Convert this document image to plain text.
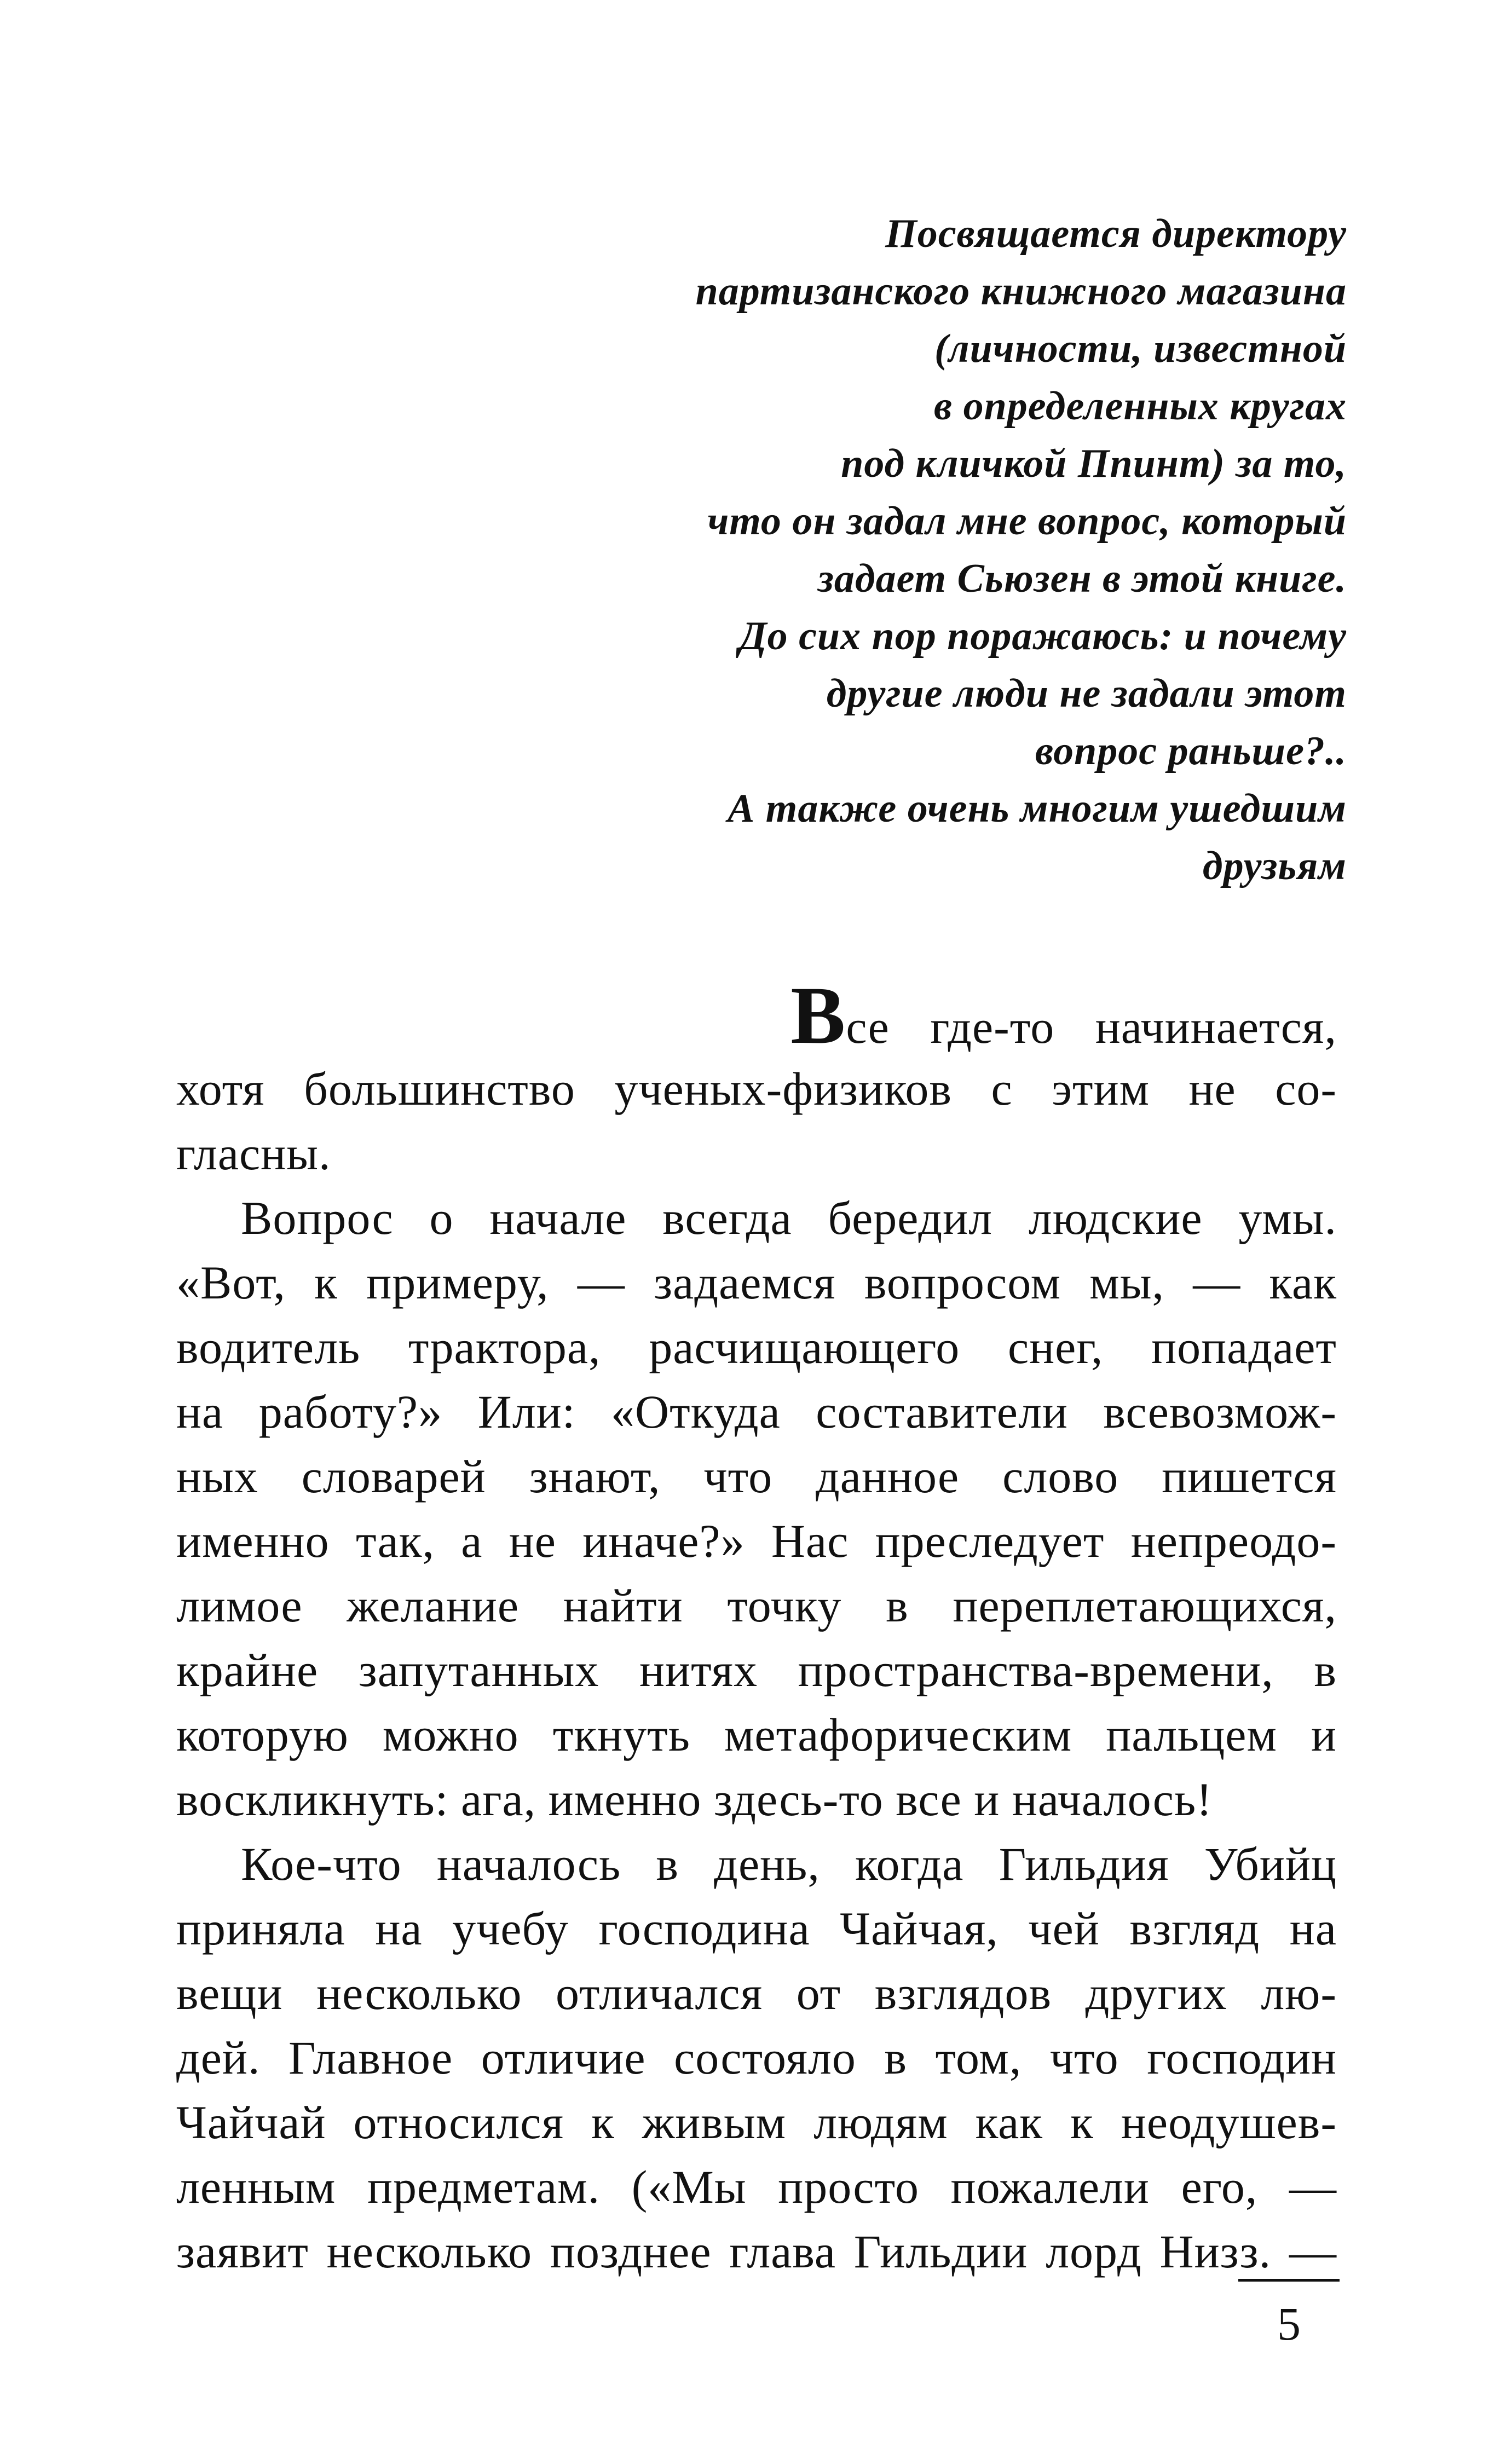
Посвящается директору
партизанского книжного магазина
(личности, известной
в определенных кругах
под кличкой Ппинт) за то,
что он задал мне вопрос, который
задает Сьюзен в этой книге.
До сих пор поражаюсь: и почему
другие люди не задали этот
вопрос раньше?..
А также очень многим ушедшим
друзьям
В се где-то начинается,
хотя большинство ученых-физиков с этим не со-
гласны.
Вопрос о начале всегда бередил людские умы.
«Вот, к примеру, — задаемся вопросом мы, — как
водитель трактора, расчищающего снег, попадает
на работу?» Или: «Откуда составители всевозмож-
ных словарей знают, что данное слово пишется
именно так, а не иначе?» Нас преследует непреодо-
лимое желание найти точку в переплетающихся,
крайне запутанных нитях пространства-времени, в
которую можно ткнуть метафорическим пальцем и
воскликнуть: ага, именно здесь-то все и началось!
Кое-что началось в день, когда Гильдия Убийц
приняла на учебу господина Чайчая, чей взгляд на
вещи несколько отличался от взглядов других лю-
дей. Главное отличие состояло в том, что господин
Чайчай относился к живым людям как к неодушев-
ленным предметам. («Мы просто пожалели его, —
заявит несколько позднее глава Гильдии лорд Низз. —
5
